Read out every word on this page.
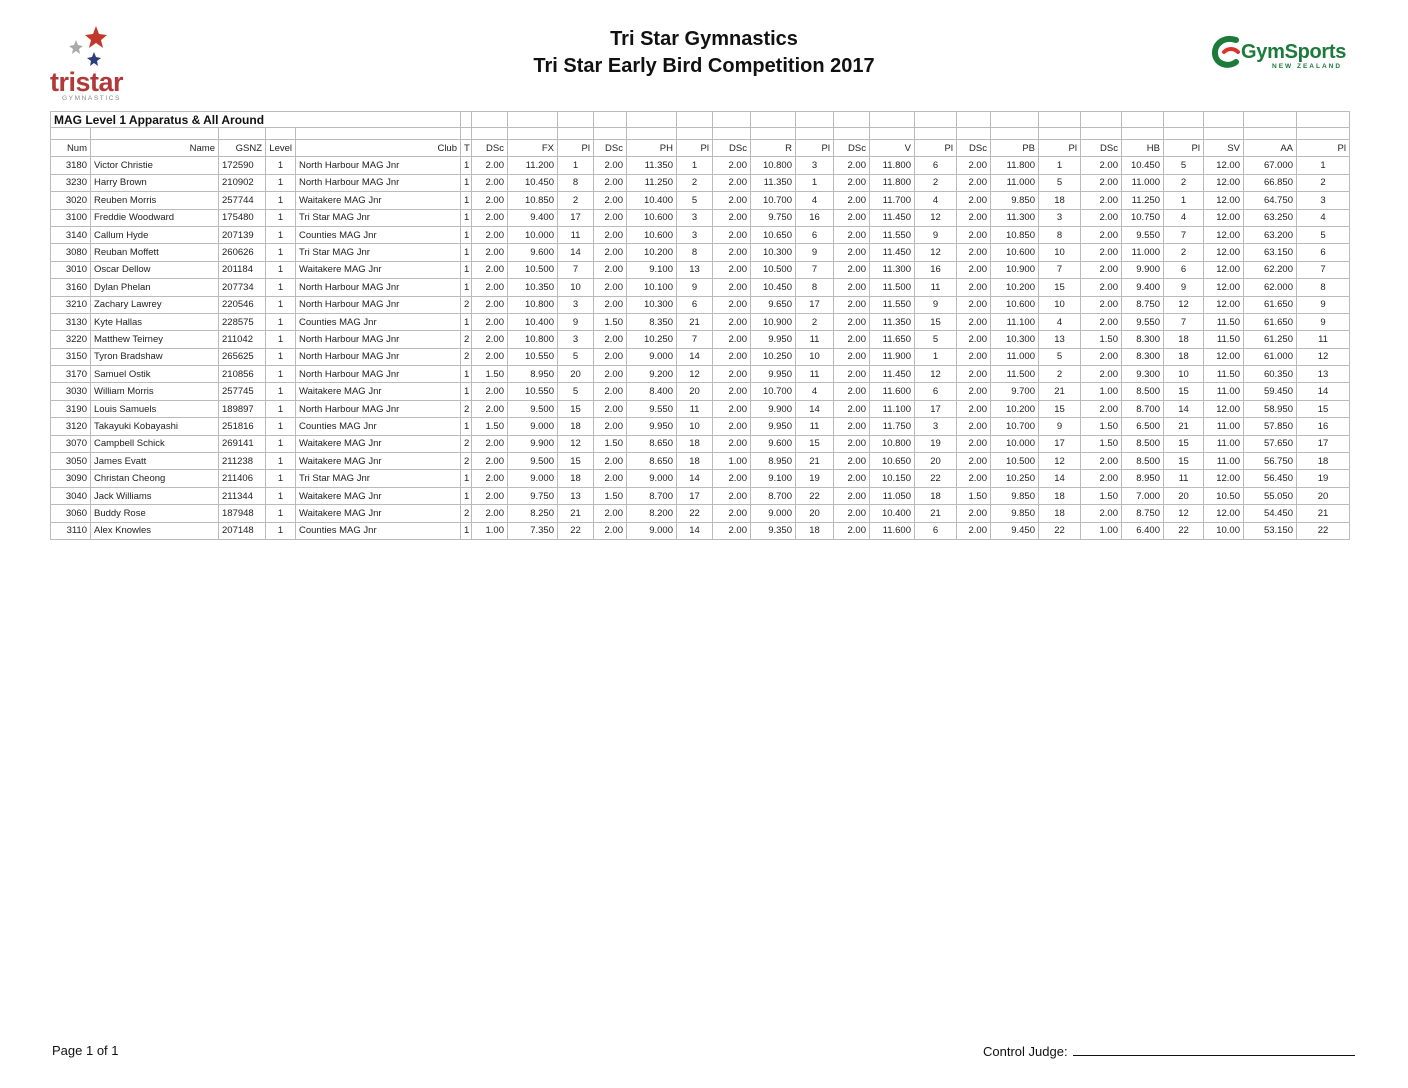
Tri Star Gymnastics
Tri Star Early Bird Competition 2017
tristar
GYMNASTICS
GymSports
NEW ZEALAND
MAG Level 1 Apparatus & All Around																										

Num	Name	GSNZ	Level	Club	T	DSc	FX	Pl	DSc	PH	Pl	DSc	R	Pl	DSc	V	Pl	DSc	PB	Pl	DSc	HB	Pl	SV	AA	Pl
3180	Victor Christie	172590	1	North Harbour MAG Jnr	1	2.00	11.200	1	2.00	11.350	1	2.00	10.800	3	2.00	11.800	6	2.00	11.800	1	2.00	10.450	5	12.00	67.000	1
3230	Harry Brown	210902	1	North Harbour MAG Jnr	1	2.00	10.450	8	2.00	11.250	2	2.00	11.350	1	2.00	11.800	2	2.00	11.000	5	2.00	11.000	2	12.00	66.850	2
3020	Reuben Morris	257744	1	Waitakere MAG Jnr	1	2.00	10.850	2	2.00	10.400	5	2.00	10.700	4	2.00	11.700	4	2.00	9.850	18	2.00	11.250	1	12.00	64.750	3
3100	Freddie Woodward	175480	1	Tri Star MAG Jnr	1	2.00	9.400	17	2.00	10.600	3	2.00	9.750	16	2.00	11.450	12	2.00	11.300	3	2.00	10.750	4	12.00	63.250	4
3140	Callum Hyde	207139	1	Counties MAG Jnr	1	2.00	10.000	11	2.00	10.600	3	2.00	10.650	6	2.00	11.550	9	2.00	10.850	8	2.00	9.550	7	12.00	63.200	5
3080	Reuban Moffett	260626	1	Tri Star MAG Jnr	1	2.00	9.600	14	2.00	10.200	8	2.00	10.300	9	2.00	11.450	12	2.00	10.600	10	2.00	11.000	2	12.00	63.150	6
3010	Oscar Dellow	201184	1	Waitakere MAG Jnr	1	2.00	10.500	7	2.00	9.100	13	2.00	10.500	7	2.00	11.300	16	2.00	10.900	7	2.00	9.900	6	12.00	62.200	7
3160	Dylan Phelan	207734	1	North Harbour MAG Jnr	1	2.00	10.350	10	2.00	10.100	9	2.00	10.450	8	2.00	11.500	11	2.00	10.200	15	2.00	9.400	9	12.00	62.000	8
3210	Zachary Lawrey	220546	1	North Harbour MAG Jnr	2	2.00	10.800	3	2.00	10.300	6	2.00	9.650	17	2.00	11.550	9	2.00	10.600	10	2.00	8.750	12	12.00	61.650	9
3130	Kyte Hallas	228575	1	Counties MAG Jnr	1	2.00	10.400	9	1.50	8.350	21	2.00	10.900	2	2.00	11.350	15	2.00	11.100	4	2.00	9.550	7	11.50	61.650	9
3220	Matthew Teirney	211042	1	North Harbour MAG Jnr	2	2.00	10.800	3	2.00	10.250	7	2.00	9.950	11	2.00	11.650	5	2.00	10.300	13	1.50	8.300	18	11.50	61.250	11
3150	Tyron Bradshaw	265625	1	North Harbour MAG Jnr	2	2.00	10.550	5	2.00	9.000	14	2.00	10.250	10	2.00	11.900	1	2.00	11.000	5	2.00	8.300	18	12.00	61.000	12
3170	Samuel Ostik	210856	1	North Harbour MAG Jnr	1	1.50	8.950	20	2.00	9.200	12	2.00	9.950	11	2.00	11.450	12	2.00	11.500	2	2.00	9.300	10	11.50	60.350	13
3030	William Morris	257745	1	Waitakere MAG Jnr	1	2.00	10.550	5	2.00	8.400	20	2.00	10.700	4	2.00	11.600	6	2.00	9.700	21	1.00	8.500	15	11.00	59.450	14
3190	Louis Samuels	189897	1	North Harbour MAG Jnr	2	2.00	9.500	15	2.00	9.550	11	2.00	9.900	14	2.00	11.100	17	2.00	10.200	15	2.00	8.700	14	12.00	58.950	15
3120	Takayuki Kobayashi	251816	1	Counties MAG Jnr	1	1.50	9.000	18	2.00	9.950	10	2.00	9.950	11	2.00	11.750	3	2.00	10.700	9	1.50	6.500	21	11.00	57.850	16
3070	Campbell Schick	269141	1	Waitakere MAG Jnr	2	2.00	9.900	12	1.50	8.650	18	2.00	9.600	15	2.00	10.800	19	2.00	10.000	17	1.50	8.500	15	11.00	57.650	17
3050	James Evatt	211238	1	Waitakere MAG Jnr	2	2.00	9.500	15	2.00	8.650	18	1.00	8.950	21	2.00	10.650	20	2.00	10.500	12	2.00	8.500	15	11.00	56.750	18
3090	Christan Cheong	211406	1	Tri Star MAG Jnr	1	2.00	9.000	18	2.00	9.000	14	2.00	9.100	19	2.00	10.150	22	2.00	10.250	14	2.00	8.950	11	12.00	56.450	19
3040	Jack Williams	211344	1	Waitakere MAG Jnr	1	2.00	9.750	13	1.50	8.700	17	2.00	8.700	22	2.00	11.050	18	1.50	9.850	18	1.50	7.000	20	10.50	55.050	20
3060	Buddy Rose	187948	1	Waitakere MAG Jnr	2	2.00	8.250	21	2.00	8.200	22	2.00	9.000	20	2.00	10.400	21	2.00	9.850	18	2.00	8.750	12	12.00	54.450	21
3110	Alex Knowles	207148	1	Counties MAG Jnr	1	1.00	7.350	22	2.00	9.000	14	2.00	9.350	18	2.00	11.600	6	2.00	9.450	22	1.00	6.400	22	10.00	53.150	22
Page 1 of 1	Control Judge:
